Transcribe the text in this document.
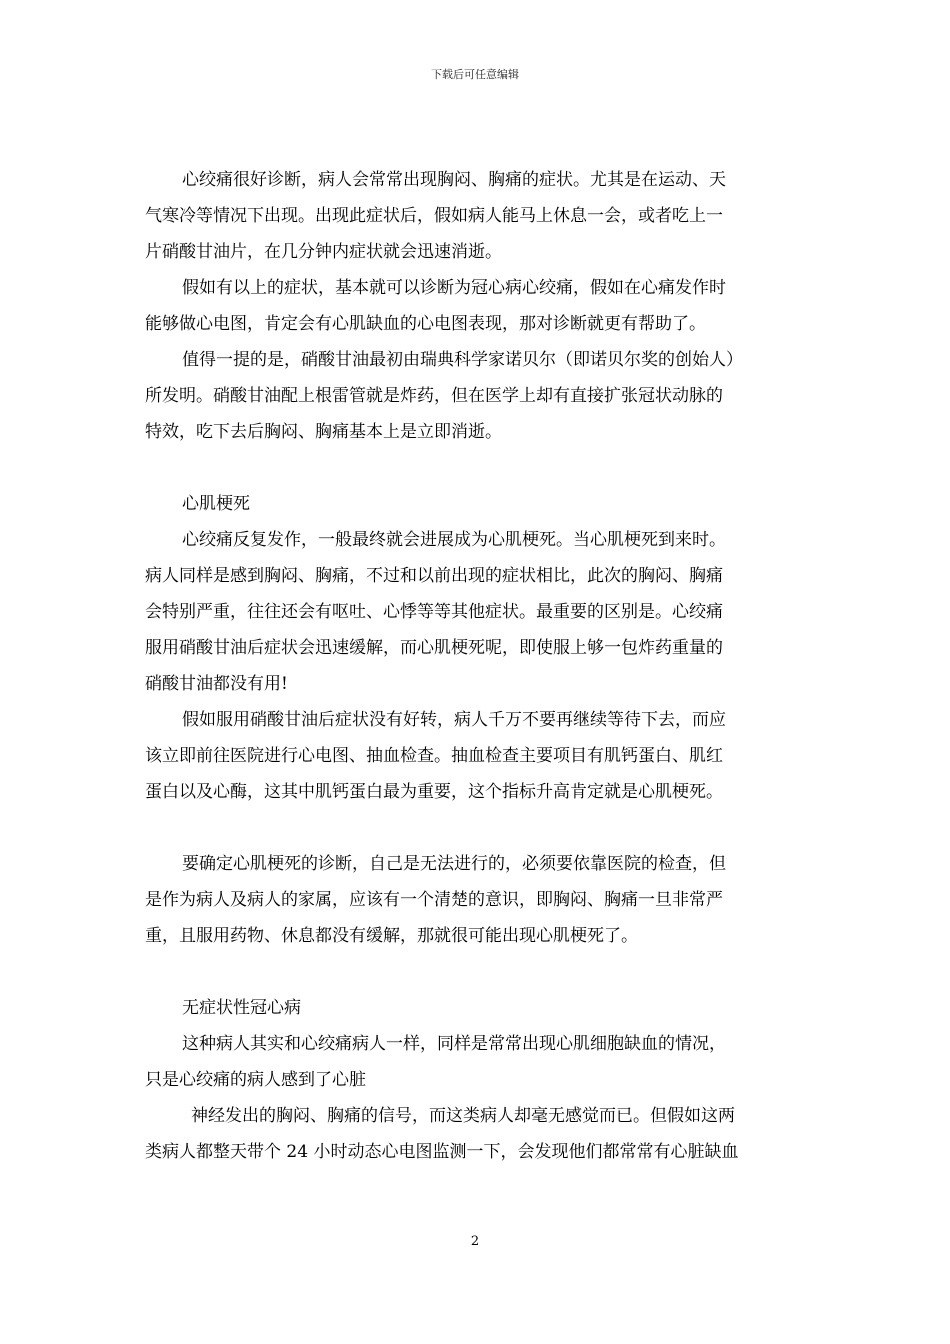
下载后可任意编辑

心绞痛很好诊断，病人会常常出现胸闷、胸痛的症状。尤其是在运动、天
气寒冷等情况下出现。出现此症状后，假如病人能马上休息一会，或者吃上一
片硝酸甘油片，在几分钟内症状就会迅速消逝。

假如有以上的症状，基本就可以诊断为冠心病心绞痛，假如在心痛发作时
能够做心电图，肯定会有心肌缺血的心电图表现，那对诊断就更有帮助了。

值得一提的是，硝酸甘油最初由瑞典科学家诺贝尔（即诺贝尔奖的创始人）
所发明。硝酸甘油配上根雷管就是炸药，但在医学上却有直接扩张冠状动脉的
特效，吃下去后胸闷、胸痛基本上是立即消逝。

心肌梗死

心绞痛反复发作，一般最终就会进展成为心肌梗死。当心肌梗死到来时。
病人同样是感到胸闷、胸痛，不过和以前出现的症状相比，此次的胸闷、胸痛
会特别严重，往往还会有呕吐、心悸等等其他症状。最重要的区别是。心绞痛
服用硝酸甘油后症状会迅速缓解，而心肌梗死呢，即使服上够一包炸药重量的
硝酸甘油都没有用!

假如服用硝酸甘油后症状没有好转，病人千万不要再继续等待下去，而应
该立即前往医院进行心电图、抽血检查。抽血检查主要项目有肌钙蛋白、肌红
蛋白以及心酶，这其中肌钙蛋白最为重要，这个指标升高肯定就是心肌梗死。

要确定心肌梗死的诊断，自己是无法进行的，必须要依靠医院的检查，但
是作为病人及病人的家属，应该有一个清楚的意识，即胸闷、胸痛一旦非常严
重，且服用药物、休息都没有缓解，那就很可能出现心肌梗死了。

无症状性冠心病

这种病人其实和心绞痛病人一样，同样是常常出现心肌细胞缺血的情况，
只是心绞痛的病人感到了心脏

神经发出的胸闷、胸痛的信号，而这类病人却毫无感觉而已。但假如这两
类病人都整天带个 24 小时动态心电图监测一下，会发现他们都常常有心脏缺血

2
